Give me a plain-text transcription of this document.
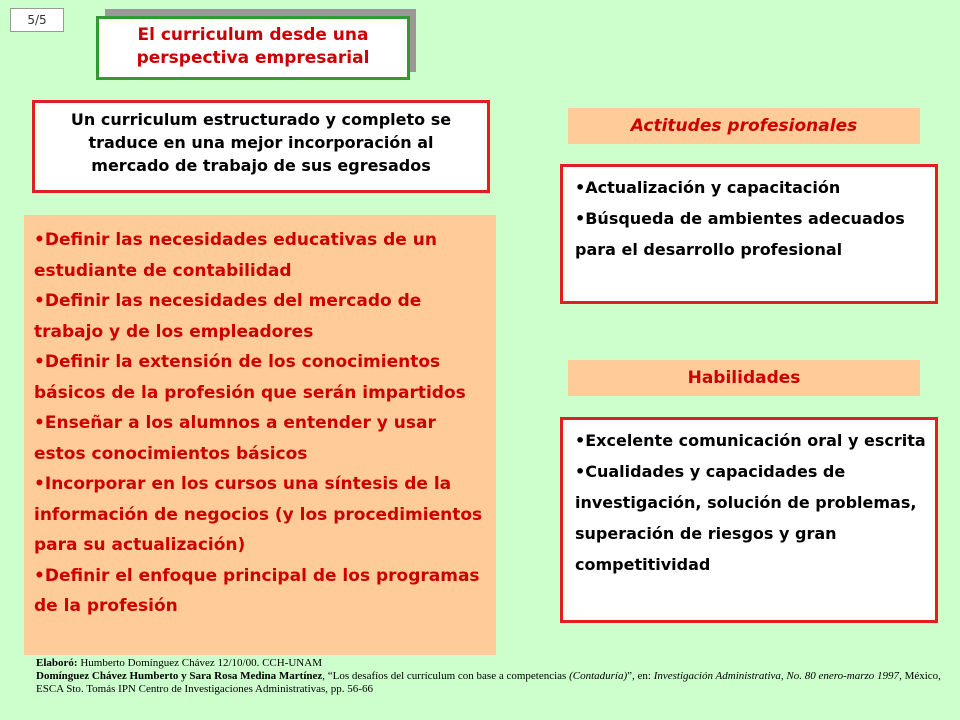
5/5
El curriculum desde una
perspectiva empresarial
Un curriculum estructurado y completo se
traduce en una mejor incorporación al
mercado de trabajo de sus egresados

•Definir las necesidades educativas de un estudiante de contabilidad

•Definir las necesidades del mercado de trabajo y de los empleadores

•Definir la extensión de los conocimientos básicos de la profesión que serán impartidos

•Enseñar a los alumnos a entender y usar estos conocimientos básicos

•Incorporar en los cursos una síntesis de la información de negocios (y los procedimientos para su actualización)

•Definir el enfoque principal de los programas de la profesión

Actitudes profesionales

•Actualización y capacitación

•Búsqueda de ambientes adecuados para el desarrollo profesional

Habilidades

•Excelente comunicación oral y escrita

•Cualidades y capacidades de investigación, solución de problemas, superación de riesgos y gran competitividad

Elaboró: Humberto Domínguez Chávez 12/10/00. CCH-UNAM
Domínguez Chávez Humberto y Sara Rosa Medina Martínez, “Los desafíos del currículum con base a competencias (Contaduría)”, en: Investigación Administrativa, No. 80 enero-marzo 1997, México, ESCA Sto. Tomás IPN Centro de Investigaciones Administrativas, pp. 56-66
